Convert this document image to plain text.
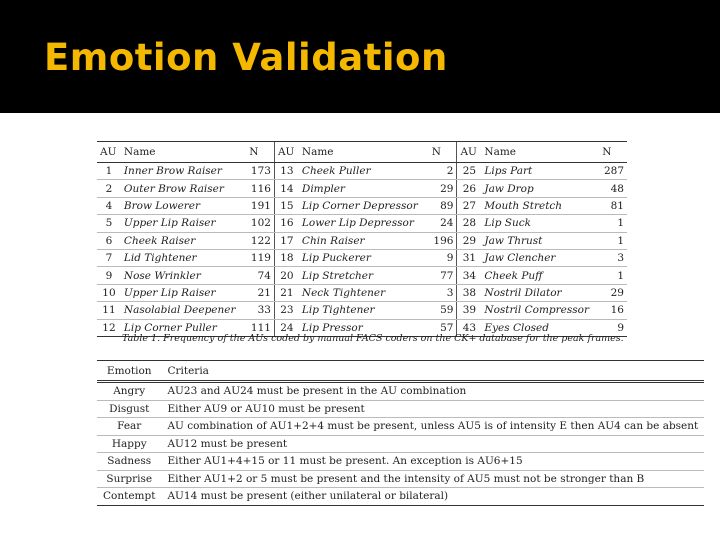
Emotion Validation
AU	Name	N	AU	Name	N	AU	Name	N
1	Inner Brow Raiser	173	13	Cheek Puller	2	25	Lips Part	287
2	Outer Brow Raiser	116	14	Dimpler	29	26	Jaw Drop	48
4	Brow Lowerer	191	15	Lip Corner Depressor	89	27	Mouth Stretch	81
5	Upper Lip Raiser	102	16	Lower Lip Depressor	24	28	Lip Suck	1
6	Cheek Raiser	122	17	Chin Raiser	196	29	Jaw Thrust	1
7	Lid Tightener	119	18	Lip Puckerer	9	31	Jaw Clencher	3
9	Nose Wrinkler	74	20	Lip Stretcher	77	34	Cheek Puff	1
10	Upper Lip Raiser	21	21	Neck Tightener	3	38	Nostril Dilator	29
11	Nasolabial Deepener	33	23	Lip Tightener	59	39	Nostril Compressor	16
12	Lip Corner Puller	111	24	Lip Pressor	57	43	Eyes Closed	9
Table 1. Frequency of the AUs coded by manual FACS coders on the CK+ database for the peak frames.
Emotion	Criteria
Angry	AU23 and AU24 must be present in the AU combination
Disgust	Either AU9 or AU10 must be present
Fear	AU combination of AU1+2+4 must be present, unless AU5 is of intensity E then AU4 can be absent
Happy	AU12 must be present
Sadness	Either AU1+4+15 or 11 must be present. An exception is AU6+15
Surprise	Either AU1+2 or 5 must be present and the intensity of AU5 must not be stronger than B
Contempt	AU14 must be present (either unilateral or bilateral)
